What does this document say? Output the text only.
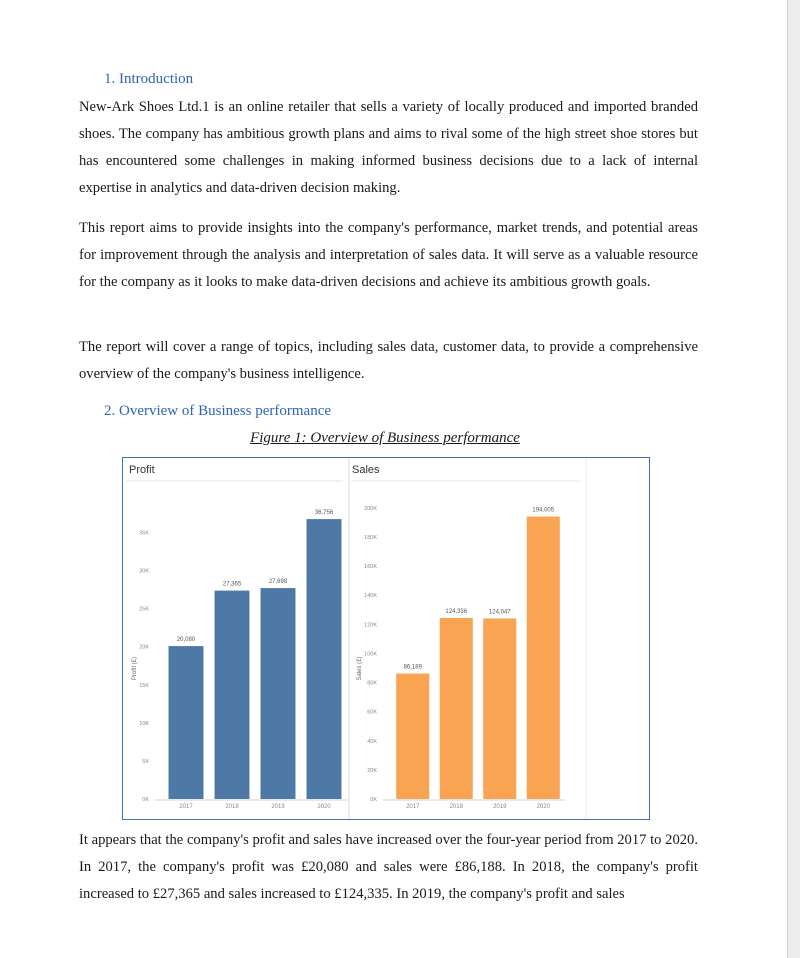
1. Introduction

New-Ark Shoes Ltd.1 is an online retailer that sells a variety of locally produced and imported branded shoes. The company has ambitious growth plans and aims to rival some of the high street shoe stores but has encountered some challenges in making informed business decisions due to a lack of internal expertise in analytics and data-driven decision making.

This report aims to provide insights into the company's performance, market trends, and potential areas for improvement through the analysis and interpretation of sales data. It will serve as a valuable resource for the company as it looks to make data-driven decisions and achieve its ambitious growth goals.

The report will cover a range of topics, including sales data, customer data, to provide a comprehensive overview of the company's business intelligence.

2. Overview of Business performance
Figure 1: Overview of Business performance
Profit
0K
5K
10K
15K
20K
25K
30K
35K
Profit (£)
20,080
2017
27,365
2018
27,698
2019
36,756
2020
Sales
0K
20K
40K
60K
80K
100K
120K
140K
160K
180K
200K
Sales (£)	86,189
2017
124,336
2018
124,047
2019
194,005
2020

It appears that the company's profit and sales have increased over the four-year period from 2017 to 2020. In 2017, the company's profit was £20,080 and sales were £86,188. In 2018, the company's profit increased to £27,365 and sales increased to £124,335. In 2019, the company's profit and sales
